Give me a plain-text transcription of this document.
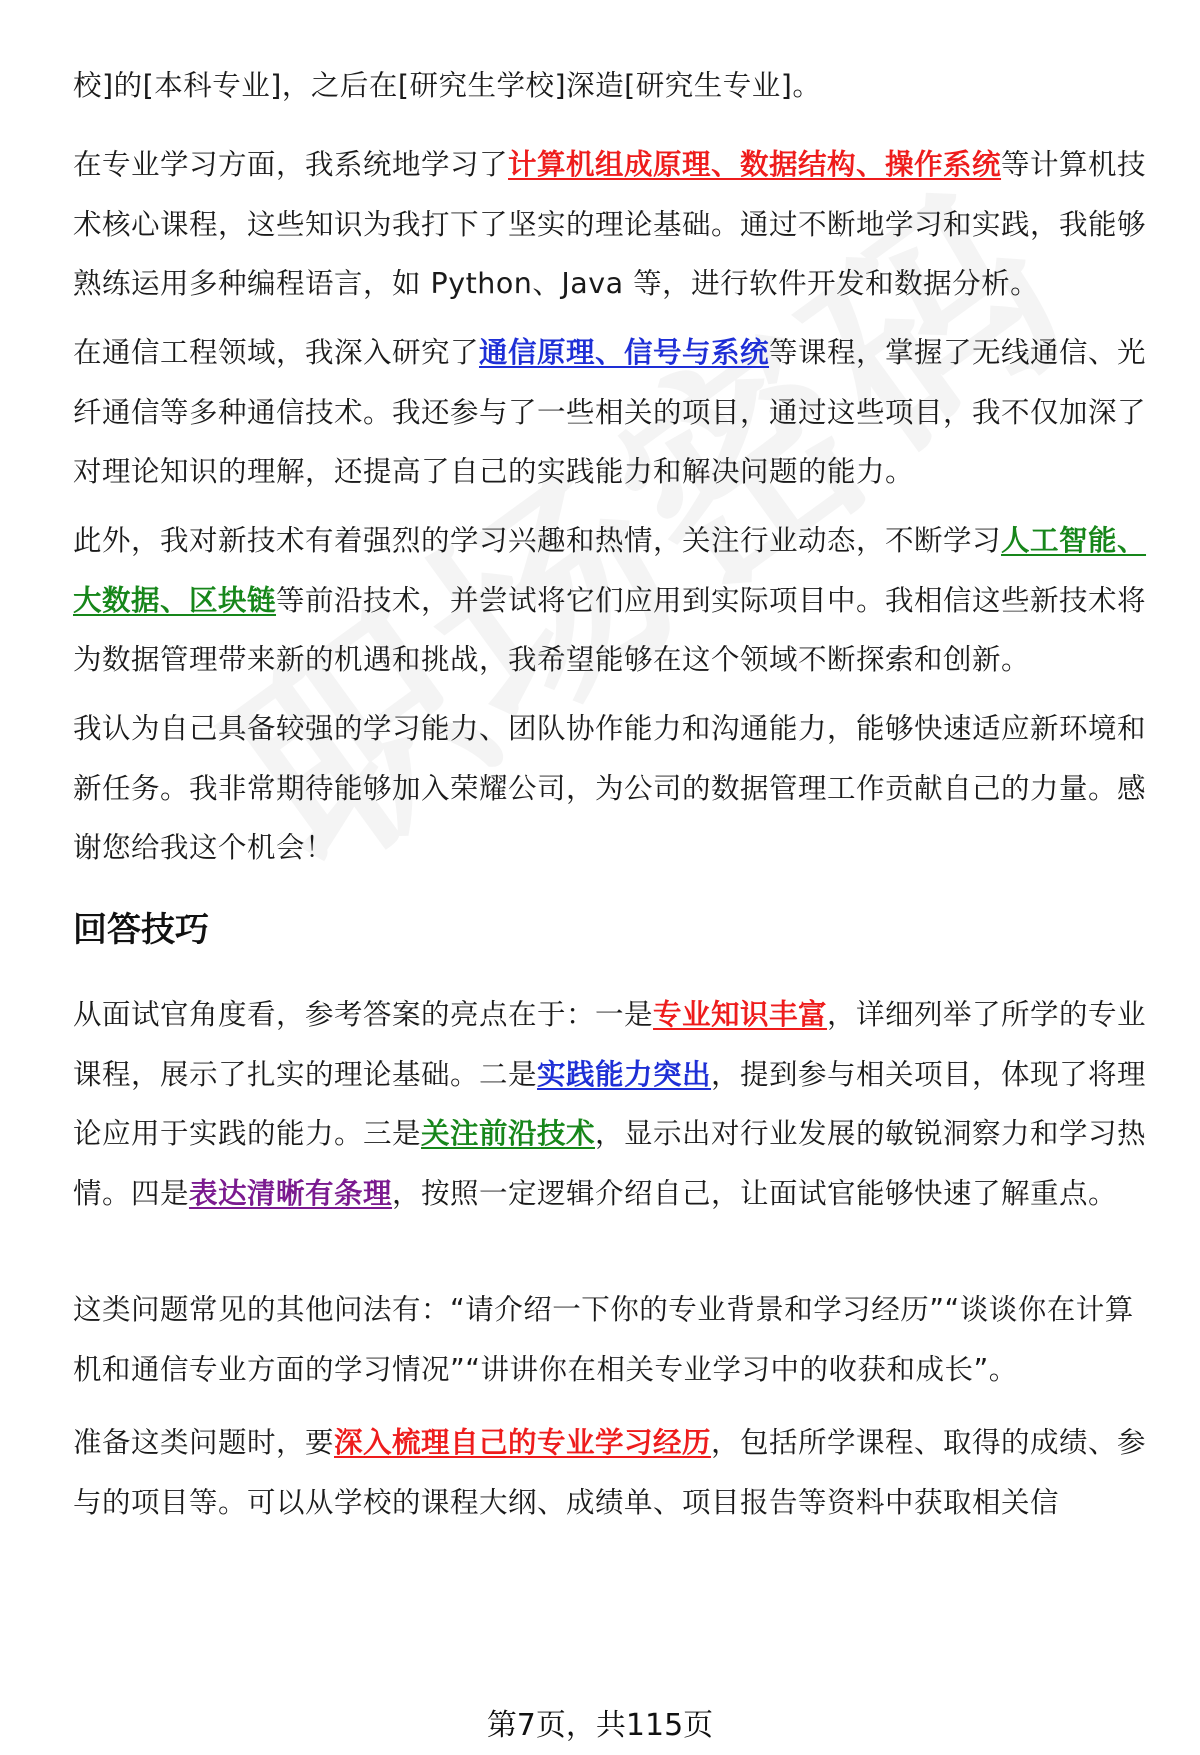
校]的[本科专业]，之后在[研究生学校]深造[研究生专业]。

在专业学习方面，我系统地学习了计算机组成原理、数据结构、操作系统等计算机技术核心课程，这些知识为我打下了坚实的理论基础。通过不断地学习和实践，我能够熟练运用多种编程语言，如 Python、Java 等，进行软件开发和数据分析。

在通信工程领域，我深入研究了通信原理、信号与系统等课程，掌握了无线通信、光纤通信等多种通信技术。我还参与了一些相关的项目，通过这些项目，我不仅加深了对理论知识的理解，还提高了自己的实践能力和解决问题的能力。

此外，我对新技术有着强烈的学习兴趣和热情，关注行业动态，不断学习人工智能、大数据、区块链等前沿技术，并尝试将它们应用到实际项目中。我相信这些新技术将为数据管理带来新的机遇和挑战，我希望能够在这个领域不断探索和创新。

我认为自己具备较强的学习能力、团队协作能力和沟通能力，能够快速适应新环境和新任务。我非常期待能够加入荣耀公司，为公司的数据管理工作贡献自己的力量。感谢您给我这个机会！

回答技巧

从面试官角度看，参考答案的亮点在于：一是专业知识丰富，详细列举了所学的专业课程，展示了扎实的理论基础。二是实践能力突出，提到参与相关项目，体现了将理论应用于实践的能力。三是关注前沿技术，显示出对行业发展的敏锐洞察力和学习热情。四是表达清晰有条理，按照一定逻辑介绍自己，让面试官能够快速了解重点。

这类问题常见的其他问法有：“请介绍一下你的专业背景和学习经历”“谈谈你在计算机和通信专业方面的学习情况”“讲讲你在相关专业学习中的收获和成长”。

准备这类问题时，要深入梳理自己的专业学习经历，包括所学课程、取得的成绩、参与的项目等。可以从学校的课程大纲、成绩单、项目报告等资料中获取相关信

第7页，共115页
